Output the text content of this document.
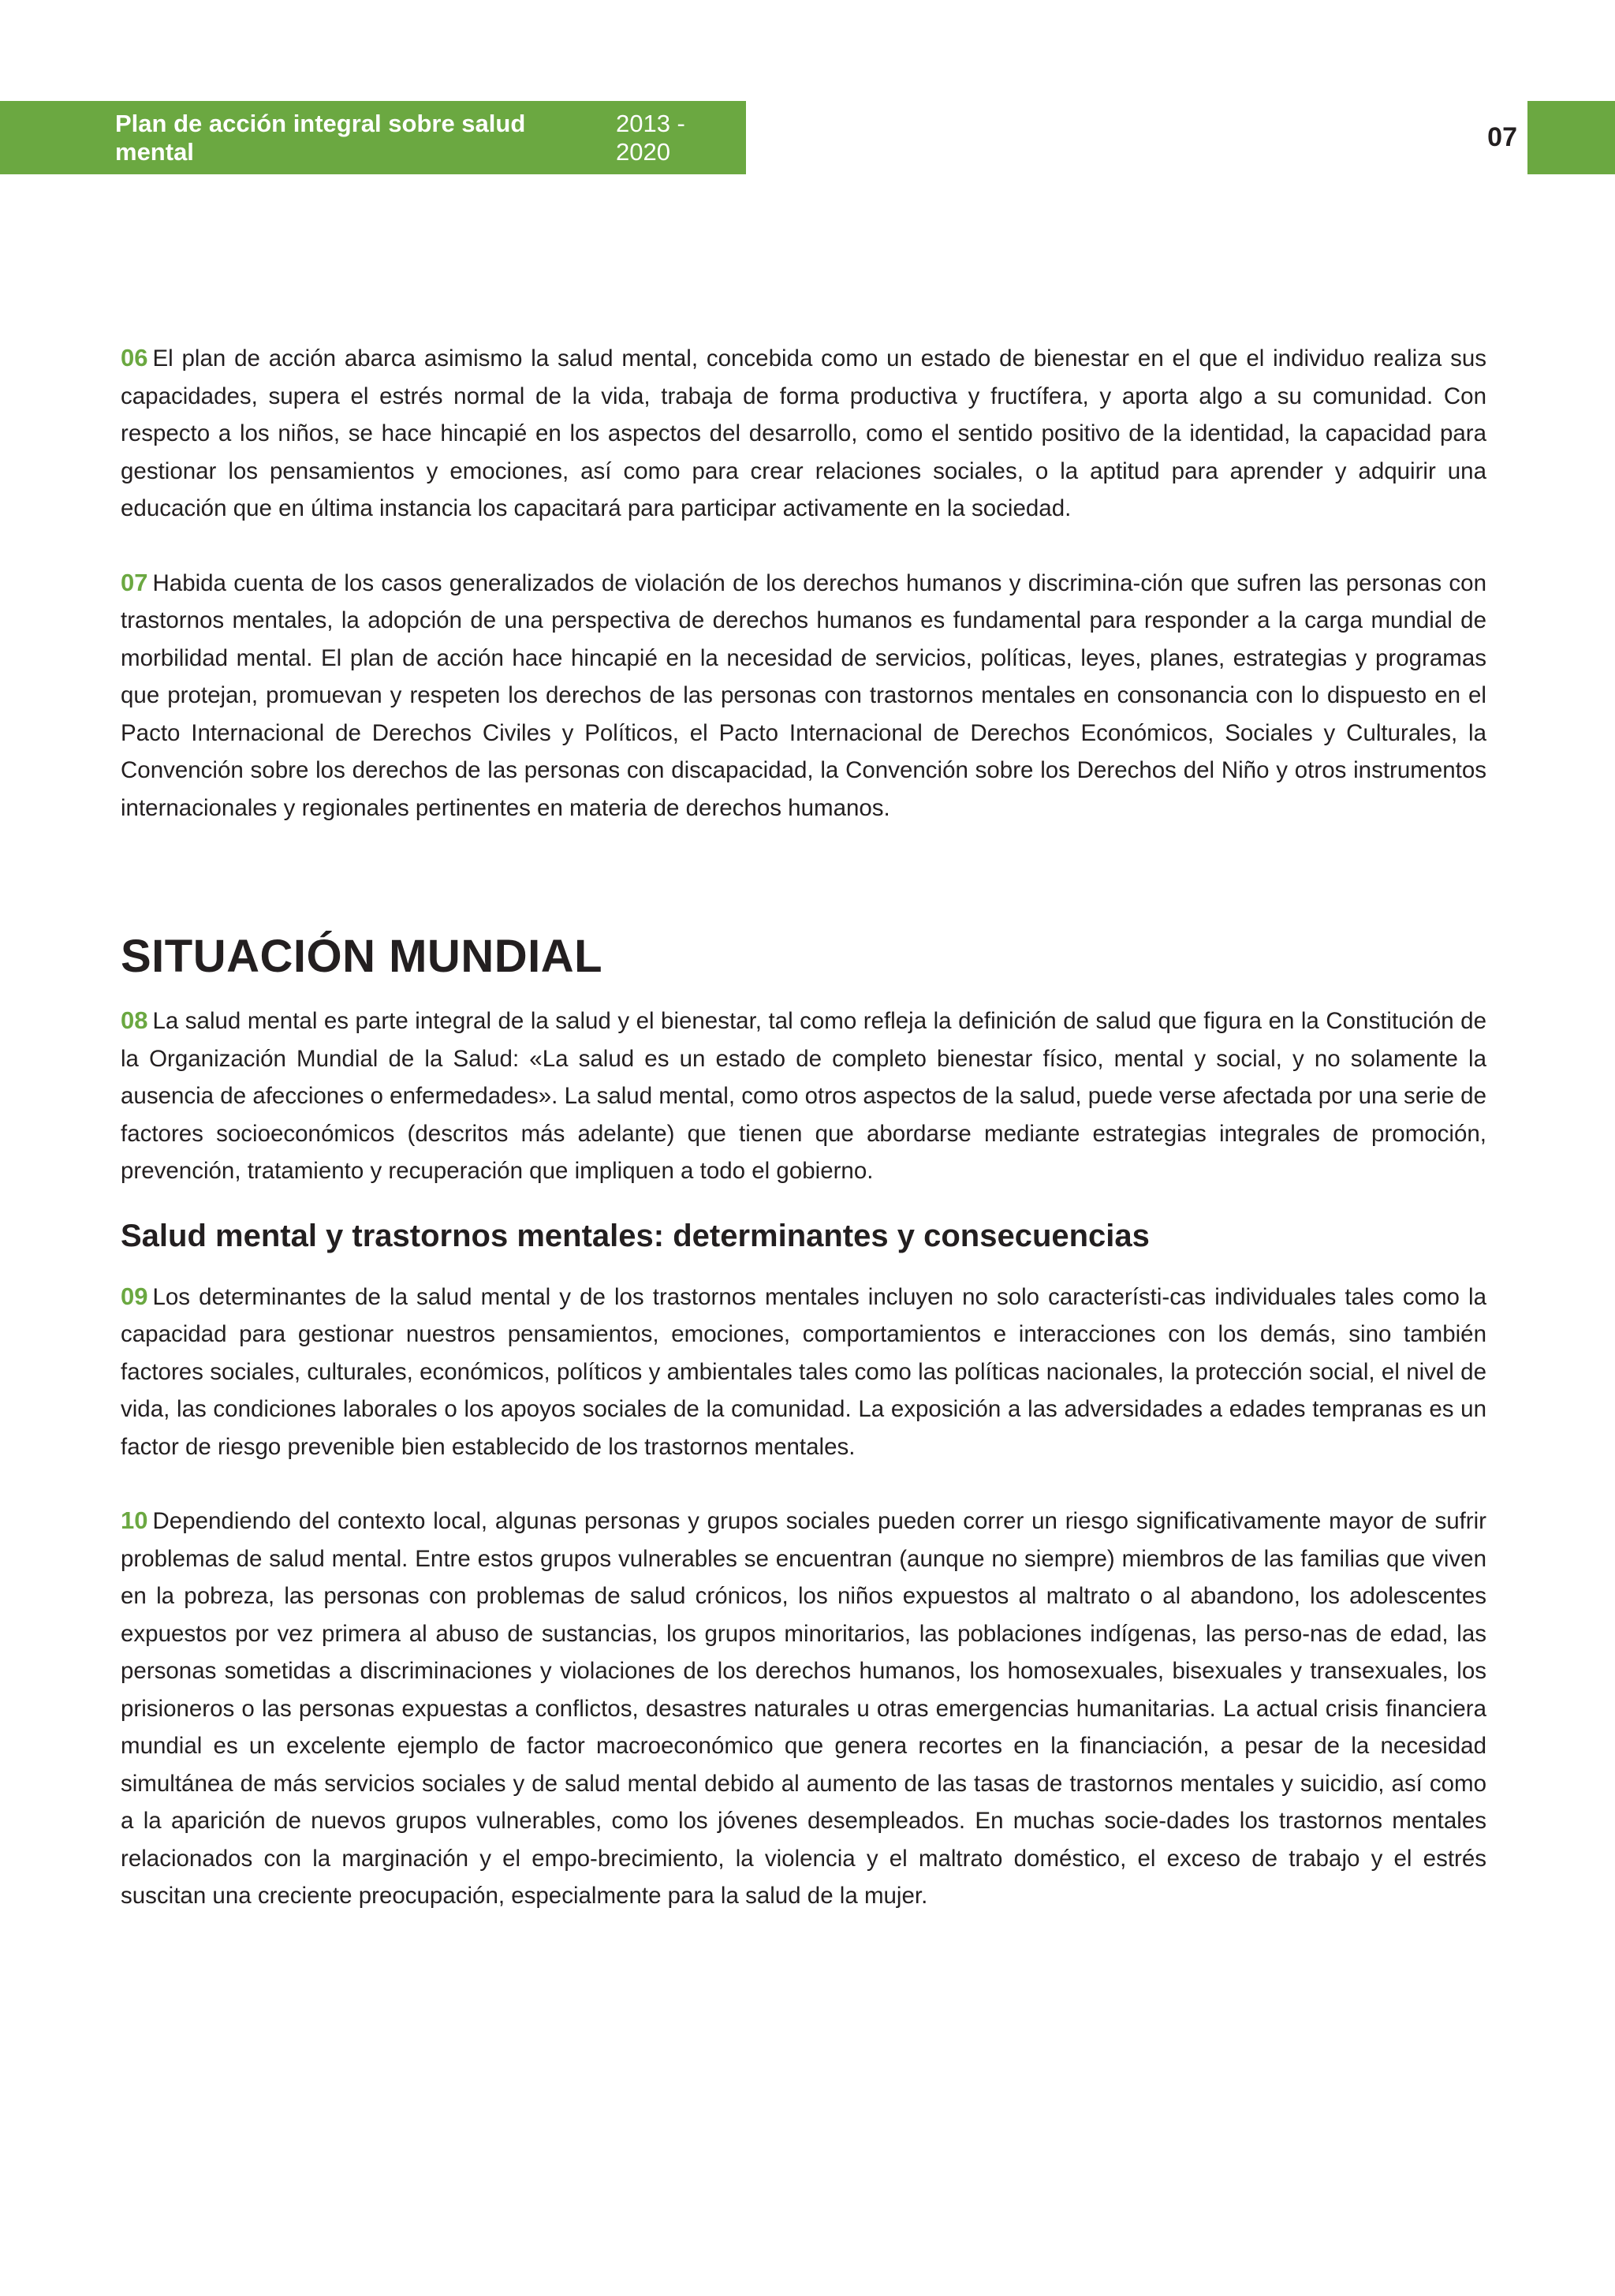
Plan de acción integral sobre salud mental
2013 - 2020	07

06 El plan de acción abarca asimismo la salud mental, concebida como un estado de bienestar en el que el individuo realiza sus capacidades, supera el estrés normal de la vida, trabaja de forma productiva y fructífera, y aporta algo a su comunidad. Con respecto a los niños, se hace hincapié en los aspectos del desarrollo, como el sentido positivo de la identidad, la capacidad para gestionar los pensamientos y emociones, así como para crear relaciones sociales, o la aptitud para aprender y adquirir una educación que en última instancia los capacitará para participar activamente en la sociedad.

07 Habida cuenta de los casos generalizados de violación de los derechos humanos y discrimina-ción que sufren las personas con trastornos mentales, la adopción de una perspectiva de derechos humanos es fundamental para responder a la carga mundial de morbilidad mental. El plan de acción hace hincapié en la necesidad de servicios, políticas, leyes, planes, estrategias y programas que protejan, promuevan y respeten los derechos de las personas con trastornos mentales en consonancia con lo dispuesto en el Pacto Internacional de Derechos Civiles y Políticos, el Pacto Internacional de Derechos Económicos, Sociales y Culturales, la Convención sobre los derechos de las personas con discapacidad, la Convención sobre los Derechos del Niño y otros instrumentos internacionales y regionales pertinentes en materia de derechos humanos.

SITUACIÓN MUNDIAL

08 La salud mental es parte integral de la salud y el bienestar, tal como refleja la definición de salud que figura en la Constitución de la Organización Mundial de la Salud: «La salud es un estado de completo bienestar físico, mental y social, y no solamente la ausencia de afecciones o enfermedades». La salud mental, como otros aspectos de la salud, puede verse afectada por una serie de factores socioeconómicos (descritos más adelante) que tienen que abordarse mediante estrategias integrales de promoción, prevención, tratamiento y recuperación que impliquen a todo el gobierno.

Salud mental y trastornos mentales: determinantes y consecuencias

09 Los determinantes de la salud mental y de los trastornos mentales incluyen no solo característi-cas individuales tales como la capacidad para gestionar nuestros pensamientos, emociones, comportamientos e interacciones con los demás, sino también factores sociales, culturales, económicos, políticos y ambientales tales como las políticas nacionales, la protección social, el nivel de vida, las condiciones laborales o los apoyos sociales de la comunidad. La exposición a las adversidades a edades tempranas es un factor de riesgo prevenible bien establecido de los trastornos mentales.

10 Dependiendo del contexto local, algunas personas y grupos sociales pueden correr un riesgo significativamente mayor de sufrir problemas de salud mental. Entre estos grupos vulnerables se encuentran (aunque no siempre) miembros de las familias que viven en la pobreza, las personas con problemas de salud crónicos, los niños expuestos al maltrato o al abandono, los adolescentes expuestos por vez primera al abuso de sustancias, los grupos minoritarios, las poblaciones indígenas, las perso-nas de edad, las personas sometidas a discriminaciones y violaciones de los derechos humanos, los homosexuales, bisexuales y transexuales, los prisioneros o las personas expuestas a conflictos, desastres naturales u otras emergencias humanitarias. La actual crisis financiera mundial es un excelente ejemplo de factor macroeconómico que genera recortes en la financiación, a pesar de la necesidad simultánea de más servicios sociales y de salud mental debido al aumento de las tasas de trastornos mentales y suicidio, así como a la aparición de nuevos grupos vulnerables, como los jóvenes desempleados. En muchas socie-dades los trastornos mentales relacionados con la marginación y el empo-brecimiento, la violencia y el maltrato doméstico, el exceso de trabajo y el estrés suscitan una creciente preocupación, especialmente para la salud de la mujer.
